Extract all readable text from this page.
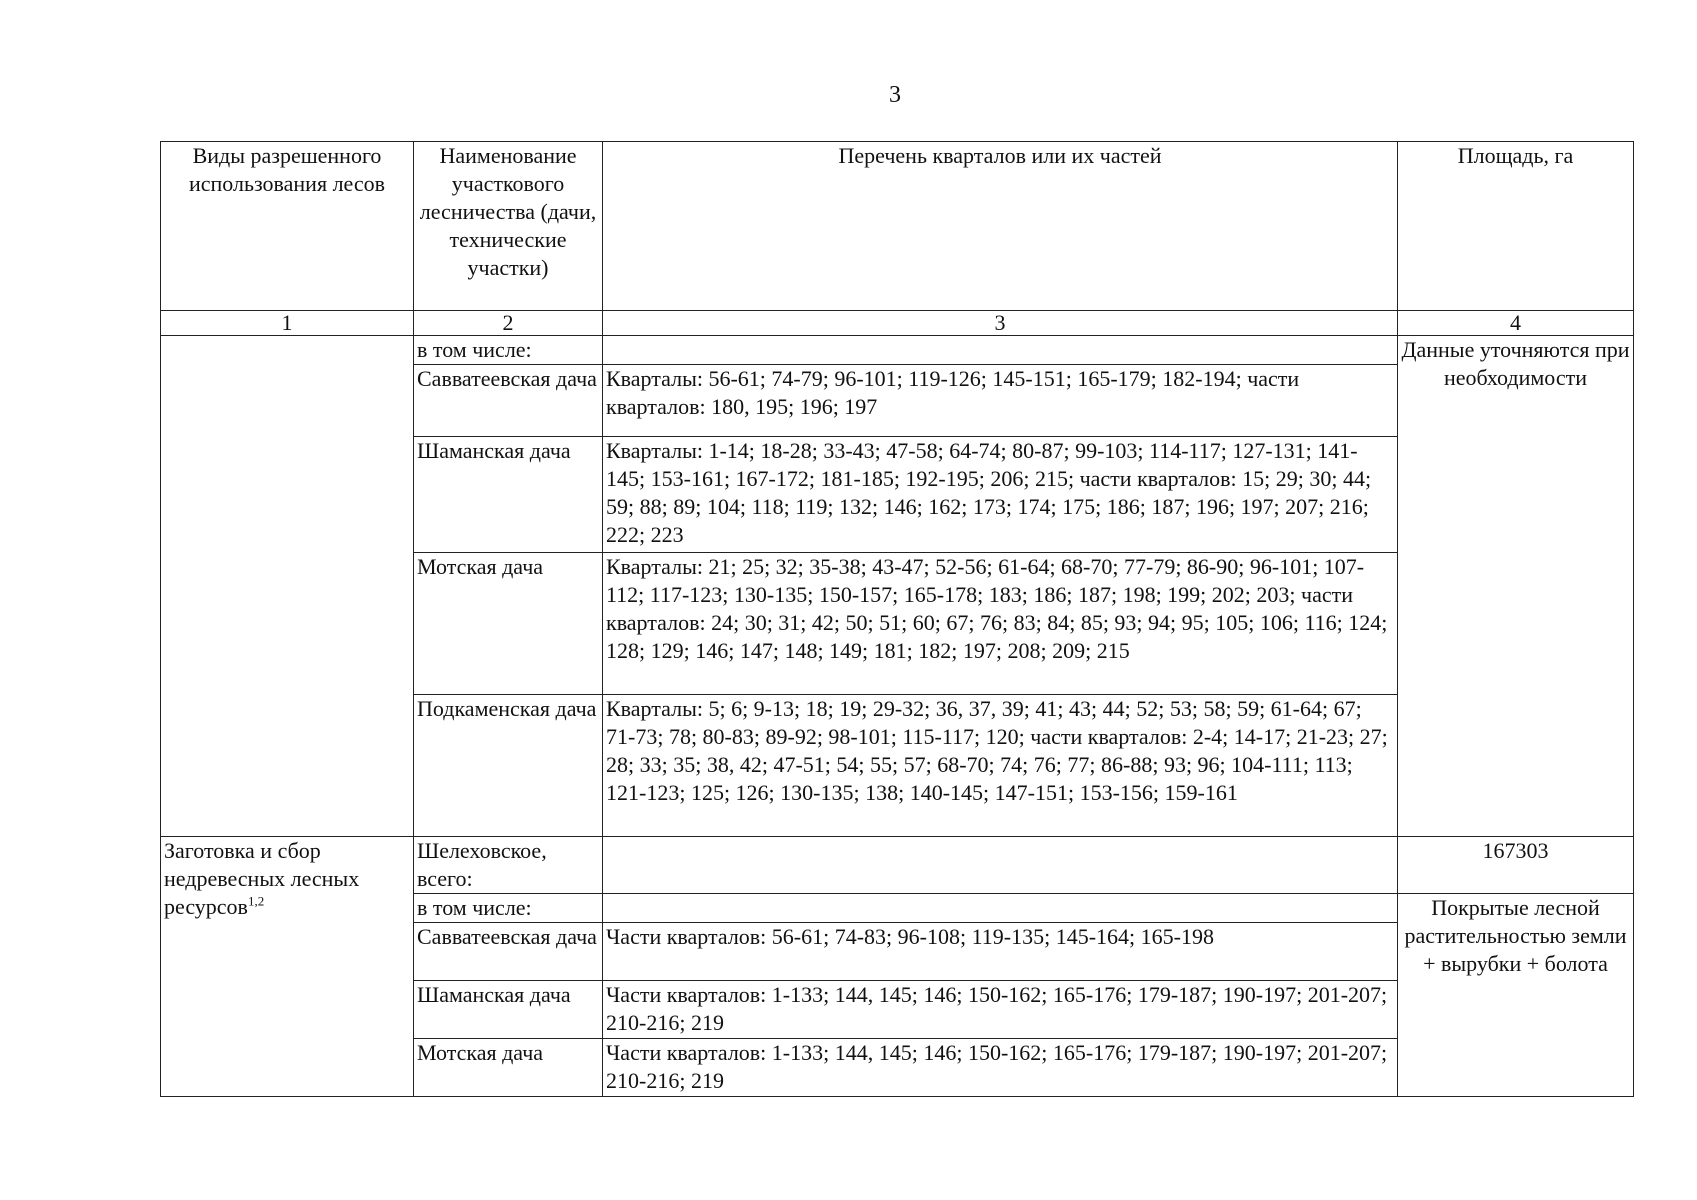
3
Виды разрешенного использования лесов	Наименование участкового лесничества (дачи, технические участки)	Перечень кварталов или их частей	Площадь, га
1	2	3	4
	в том числе:		Данные уточняются при необходимости
	Савватеевская дача	Кварталы: 56-61; 74-79; 96-101; 119-126; 145-151; 165-179; 182-194; части кварталов: 180, 195; 196; 197	
	Шаманская дача	Кварталы: 1-14; 18-28; 33-43; 47-58; 64-74; 80-87; 99-103; 114-117; 127-131; 141-145; 153-161; 167-172; 181-185; 192-195; 206; 215; части кварталов: 15; 29; 30; 44; 59; 88; 89; 104; 118; 119; 132; 146; 162; 173; 174; 175; 186; 187; 196; 197; 207; 216; 222; 223	
	Мотская дача	Кварталы: 21; 25; 32; 35-38; 43-47; 52-56; 61-64; 68-70; 77-79; 86-90; 96-101; 107-112; 117-123; 130-135; 150-157; 165-178; 183; 186; 187; 198; 199; 202; 203; части кварталов: 24; 30; 31; 42; 50; 51; 60; 67; 76; 83; 84; 85; 93; 94; 95; 105; 106; 116; 124; 128; 129; 146; 147; 148; 149; 181; 182; 197; 208; 209; 215	
	Подкаменская дача	Кварталы: 5; 6; 9-13; 18; 19; 29-32; 36, 37, 39; 41; 43; 44; 52; 53; 58; 59; 61-64; 67; 71-73; 78; 80-83; 89-92; 98-101; 115-117; 120; части кварталов: 2-4; 14-17; 21-23; 27; 28; 33; 35; 38, 42; 47-51; 54; 55; 57; 68-70; 74; 76; 77; 86-88; 93; 96; 104-111; 113; 121-123; 125; 126; 130-135; 138; 140-145; 147-151; 153-156; 159-161	
Заготовка и сбор недревесных лесных ресурсов$^{1,2}$	Шелеховское, всего:		167303
	в том числе:		Покрытые лесной растительностью земли + вырубки + болота
	Савватеевская дача	Части кварталов: 56-61; 74-83; 96-108; 119-135; 145-164; 165-198	
	Шаманская дача	Части кварталов: 1-133; 144, 145; 146; 150-162; 165-176; 179-187; 190-197; 201-207; 210-216; 219	
	Мотская дача	Части кварталов: 1-133; 144, 145; 146; 150-162; 165-176; 179-187; 190-197; 201-207; 210-216; 219	
